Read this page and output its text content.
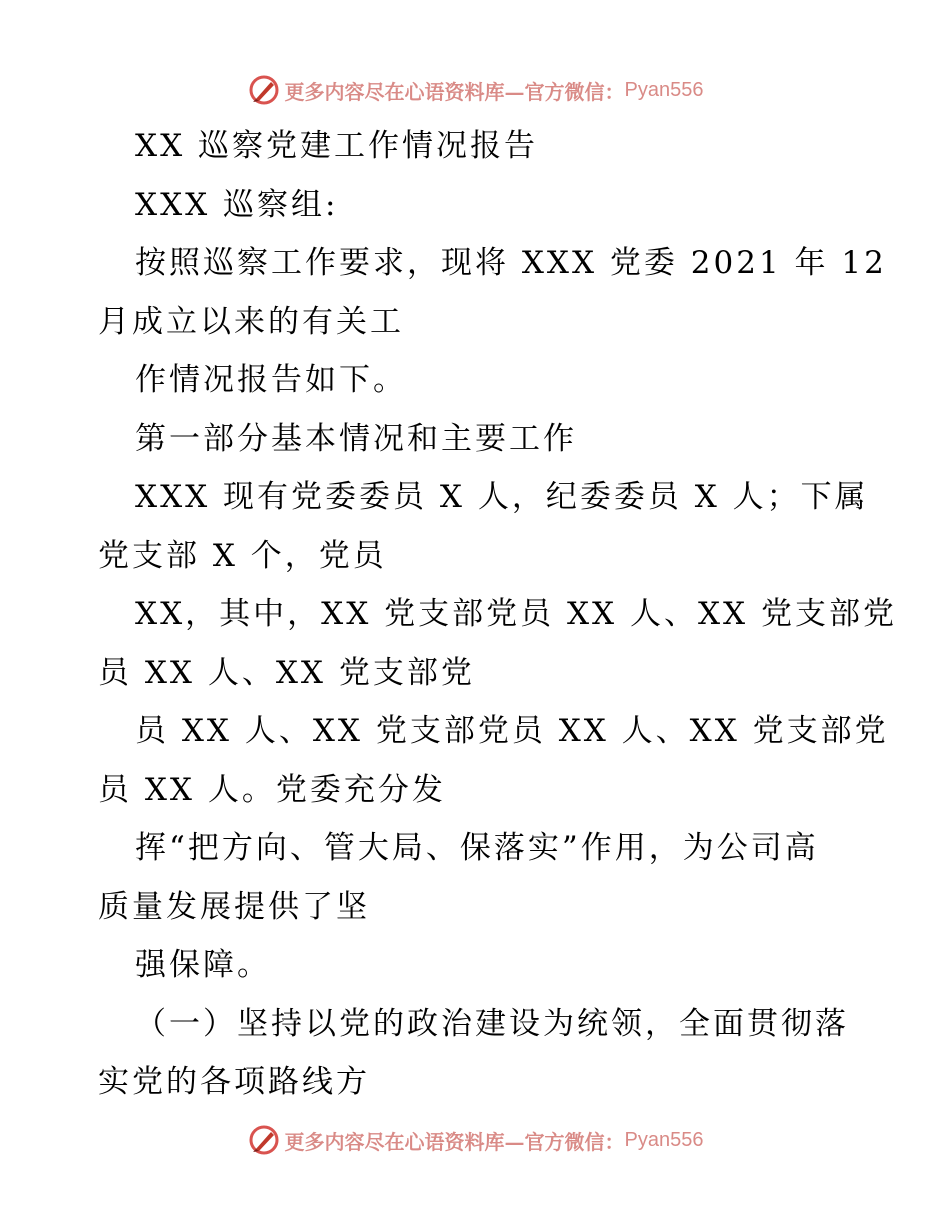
更多内容尽在心语资料库—官方微信： Pyan556
XX 巡察党建工作情况报告
XXX 巡察组:
按照巡察工作要求，现将 XXX 党委 2021 年 12
月成立以来的有关工
作情况报告如下。
第一部分基本情况和主要工作
XXX 现有党委委员 X 人，纪委委员 X 人；下属
党支部 X 个，党员
XX，其中，XX 党支部党员 XX 人、XX 党支部党
员 XX 人、XX 党支部党
员 XX 人、XX 党支部党员 XX 人、XX 党支部党
员 XX 人。党委充分发
挥“把方向、管大局、保落实”作用，为公司高
质量发展提供了坚
强保障。
（一）坚持以党的政治建设为统领，全面贯彻落
实党的各项路线方
更多内容尽在心语资料库—官方微信： Pyan556
